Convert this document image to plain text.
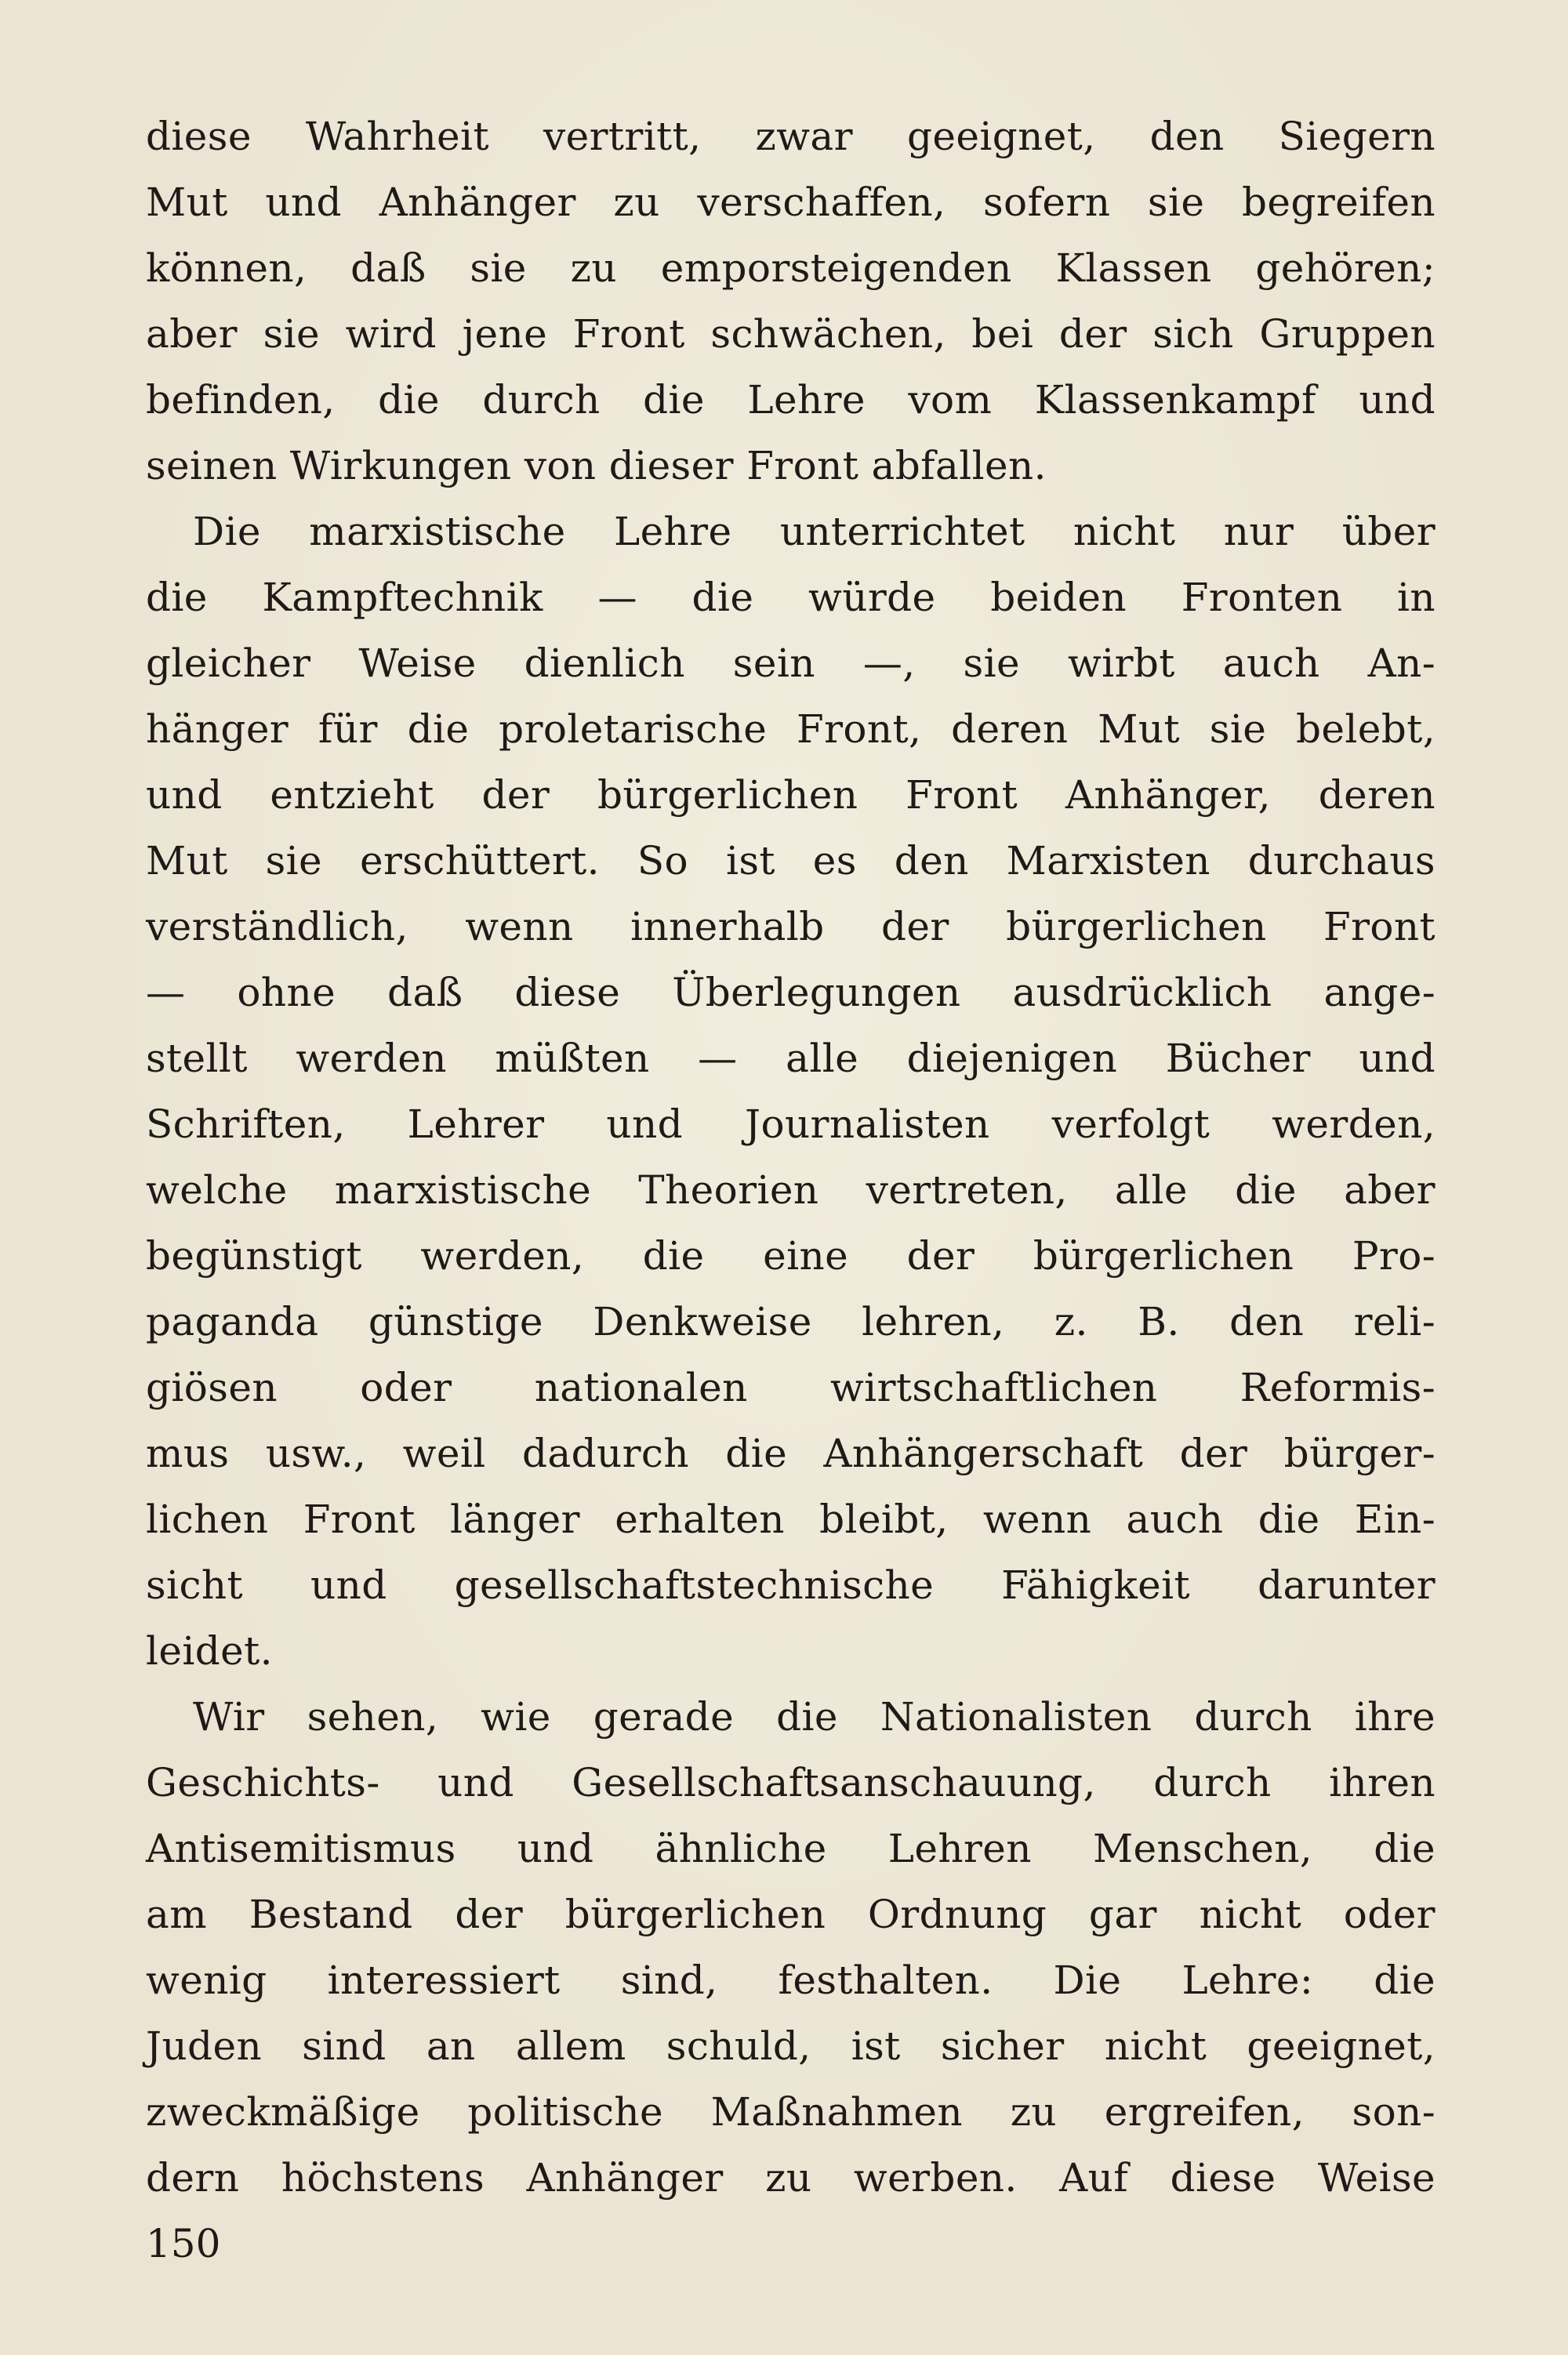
diese Wahrheit vertritt, zwar geeignet, den Siegern
Mut und Anhänger zu verschaffen, sofern sie begreifen
können, daß sie zu emporsteigenden Klassen gehören;
aber sie wird jene Front schwächen, bei der sich Gruppen
befinden, die durch die Lehre vom Klassenkampf und
seinen Wirkungen von dieser Front abfallen.
Die marxistische Lehre unterrichtet nicht nur über
die Kampftechnik — die würde beiden Fronten in
gleicher Weise dienlich sein —, sie wirbt auch An-
hänger für die proletarische Front, deren Mut sie belebt,
und entzieht der bürgerlichen Front Anhänger, deren
Mut sie erschüttert. So ist es den Marxisten durchaus
verständlich, wenn innerhalb der bürgerlichen Front
— ohne daß diese Überlegungen ausdrücklich ange-
stellt werden müßten — alle diejenigen Bücher und
Schriften, Lehrer und Journalisten verfolgt werden,
welche marxistische Theorien vertreten, alle die aber
begünstigt werden, die eine der bürgerlichen Pro-
paganda günstige Denkweise lehren, z. B. den reli-
giösen oder nationalen wirtschaftlichen Reformis-
mus usw., weil dadurch die Anhängerschaft der bürger-
lichen Front länger erhalten bleibt, wenn auch die Ein-
sicht und gesellschaftstechnische Fähigkeit darunter
leidet.
Wir sehen, wie gerade die Nationalisten durch ihre
Geschichts- und Gesellschaftsanschauung, durch ihren
Antisemitismus und ähnliche Lehren Menschen, die
am Bestand der bürgerlichen Ordnung gar nicht oder
wenig interessiert sind, festhalten. Die Lehre: die
Juden sind an allem schuld, ist sicher nicht geeignet,
zweckmäßige politische Maßnahmen zu ergreifen, son-
dern höchstens Anhänger zu werben. Auf diese Weise
150
